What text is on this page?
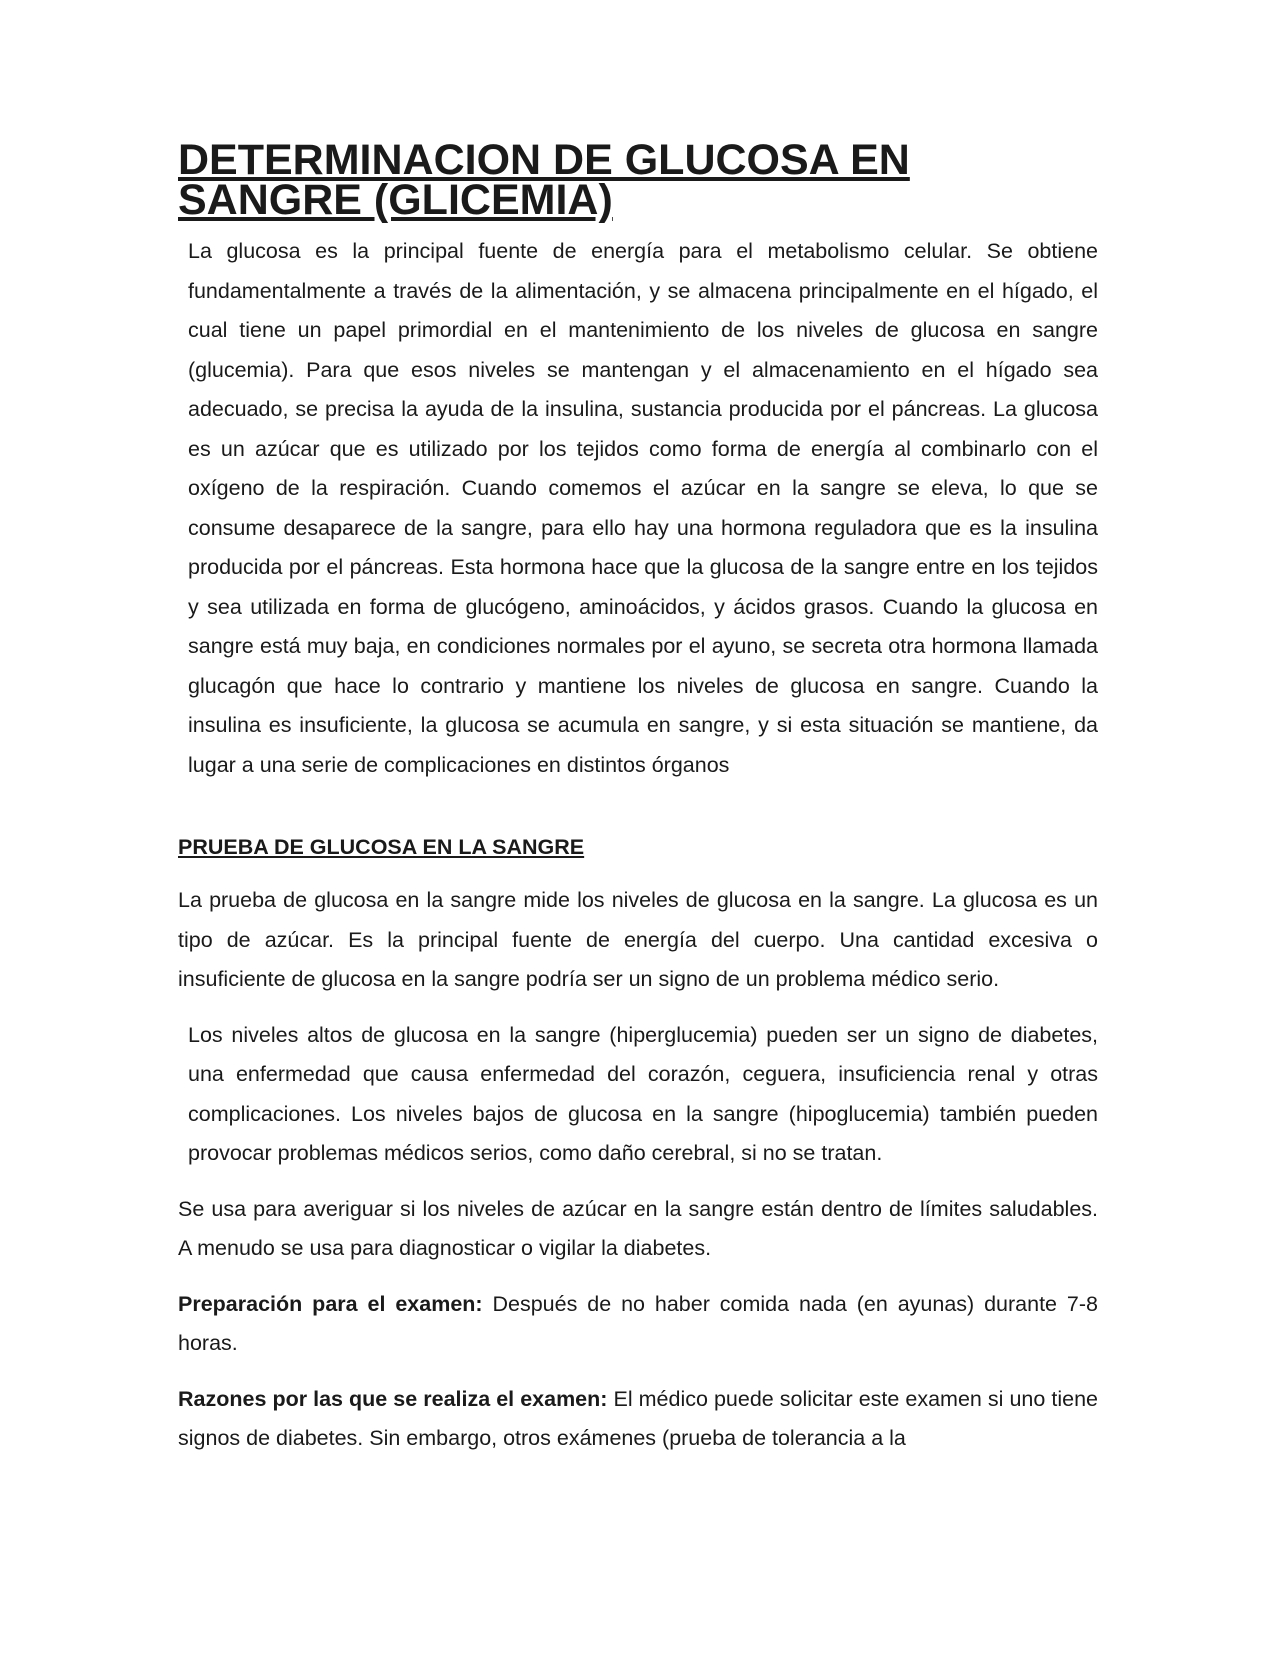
DETERMINACION DE GLUCOSA EN SANGRE (GLICEMIA)

La glucosa es la principal fuente de energía para el metabolismo celular. Se obtiene fundamentalmente a través de la alimentación, y se almacena principalmente en el hígado, el cual tiene un papel primordial en el mantenimiento de los niveles de glucosa en sangre (glucemia). Para que esos niveles se mantengan y el almacenamiento en el hígado sea adecuado, se precisa la ayuda de la insulina, sustancia producida por el páncreas. La glucosa es un azúcar que es utilizado por los tejidos como forma de energía al combinarlo con el oxígeno de la respiración. Cuando comemos el azúcar en la sangre se eleva, lo que se consume desaparece de la sangre, para ello hay una hormona reguladora que es la insulina producida por el páncreas. Esta hormona hace que la glucosa de la sangre entre en los tejidos y sea utilizada en forma de glucógeno, aminoácidos, y ácidos grasos. Cuando la glucosa en sangre está muy baja, en condiciones normales por el ayuno, se secreta otra hormona llamada glucagón que hace lo contrario y mantiene los niveles de glucosa en sangre. Cuando la insulina es insuficiente, la glucosa se acumula en sangre, y si esta situación se mantiene, da lugar a una serie de complicaciones en distintos órganos

PRUEBA DE GLUCOSA EN LA SANGRE

La prueba de glucosa en la sangre mide los niveles de glucosa en la sangre. La glucosa es un tipo de azúcar. Es la principal fuente de energía del cuerpo. Una cantidad excesiva o insuficiente de glucosa en la sangre podría ser un signo de un problema médico serio.

Los niveles altos de glucosa en la sangre (hiperglucemia) pueden ser un signo de diabetes, una enfermedad que causa enfermedad del corazón, ceguera, insuficiencia renal y otras complicaciones. Los niveles bajos de glucosa en la sangre (hipoglucemia) también pueden provocar problemas médicos serios, como daño cerebral, si no se tratan.

Se usa para averiguar si los niveles de azúcar en la sangre están dentro de límites saludables. A menudo se usa para diagnosticar o vigilar la diabetes.

Preparación para el examen: Después de no haber comida nada (en ayunas) durante 7-8 horas.

Razones por las que se realiza el examen: El médico puede solicitar este examen si uno tiene signos de diabetes. Sin embargo, otros exámenes (prueba de tolerancia a la
